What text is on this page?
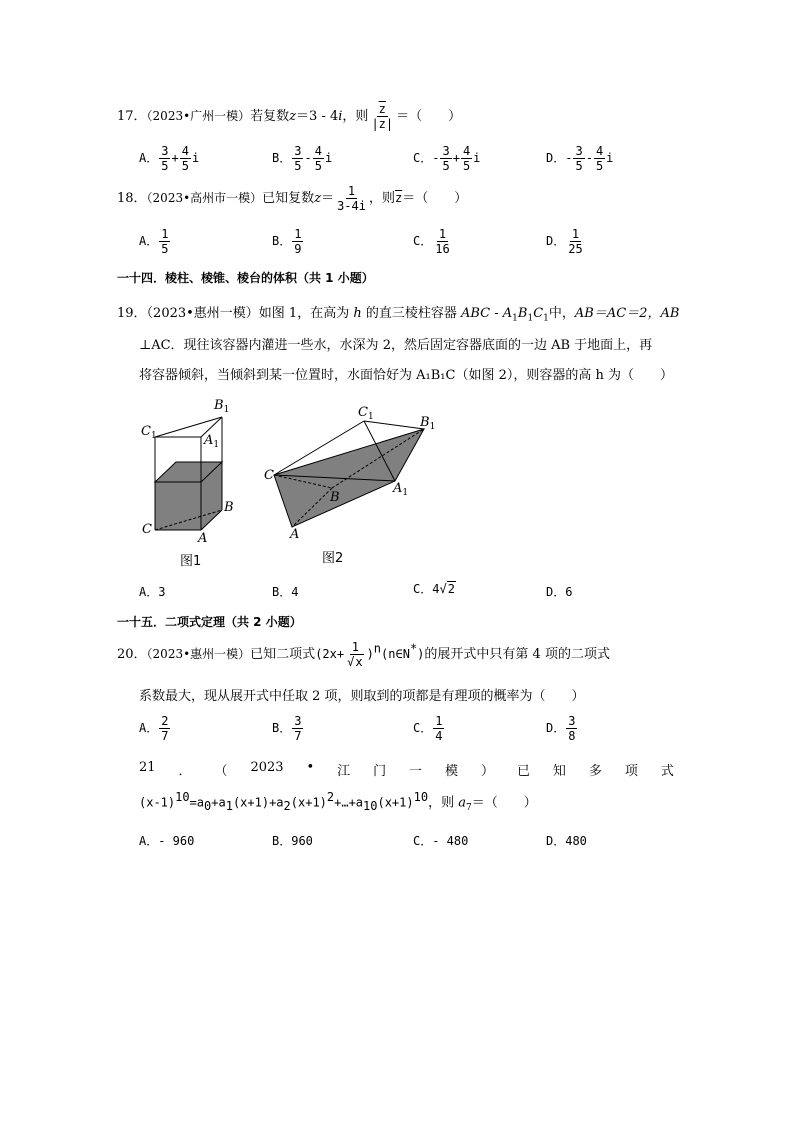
17．（2023•广州一模）若复数z＝3 - 4i，则 $\frac{\overline{z}}{|z|}$ ＝（　　）
A． $\frac{3}{5} + \frac{4}{5}$ i	B． $\frac{3}{5} - \frac{4}{5}$ i	C．- $\frac{3}{5} + \frac{4}{5}$ i	D．- $\frac{3}{5} - \frac{4}{5}$ i
18．（2023•高州市一模）已知复数$z= \frac{1}{3-4i}$ ，则$\overline{z}=$（　　）
A． $\frac{1}{5}$	B． $\frac{1}{9}$	C． $\frac{1}{16}$	D． $\frac{1}{25}$
一十四．棱柱、棱锥、棱台的体积（共 1 小题）
19．（2023•惠州一模）如图 1，在高为 h 的直三棱柱容器 ABC - $A_1B_1C_1$中，AB＝AC＝2，AB
⊥AC．现往该容器内灌进一些水，水深为 2，然后固定容器底面的一边 AB 于地面上，再
将容器倾斜，当倾斜到某一位置时，水面恰好为 A₁B₁C（如图 2），则容器的高 h 为（　　）
$C_1$
$B_1$
$A_1$
B
C
A
图1
$C_1$	$B_1$
C
B
$A_1$
A
图2
A．3	B．4	C．4√2	D．6
一十五．二项式定理（共 2 小题）
20．（2023•惠州一模）已知二项式($2x+ \frac{1}{√x}$ )$^n(n\in N^*)$的展开式中只有第 4 项的二项式
系数最大，现从展开式中任取 2 项，则取到的项都是有理项的概率为（　　）
A． $\frac{2}{7}$	B． $\frac{3}{7}$	C． $\frac{1}{4}$	D． $\frac{3}{8}$
21 ． （ 2023 • 江 门 一 模 ） 已 知 多 项 式
$(x-1)^{10}=a_0+a_1(x+1)+a_2(x+1)^2+\dots+a_{10}(x+1)^{10}$，则 $a_7=$（　　）
A．- 960	B．960	C．- 480	D．480
